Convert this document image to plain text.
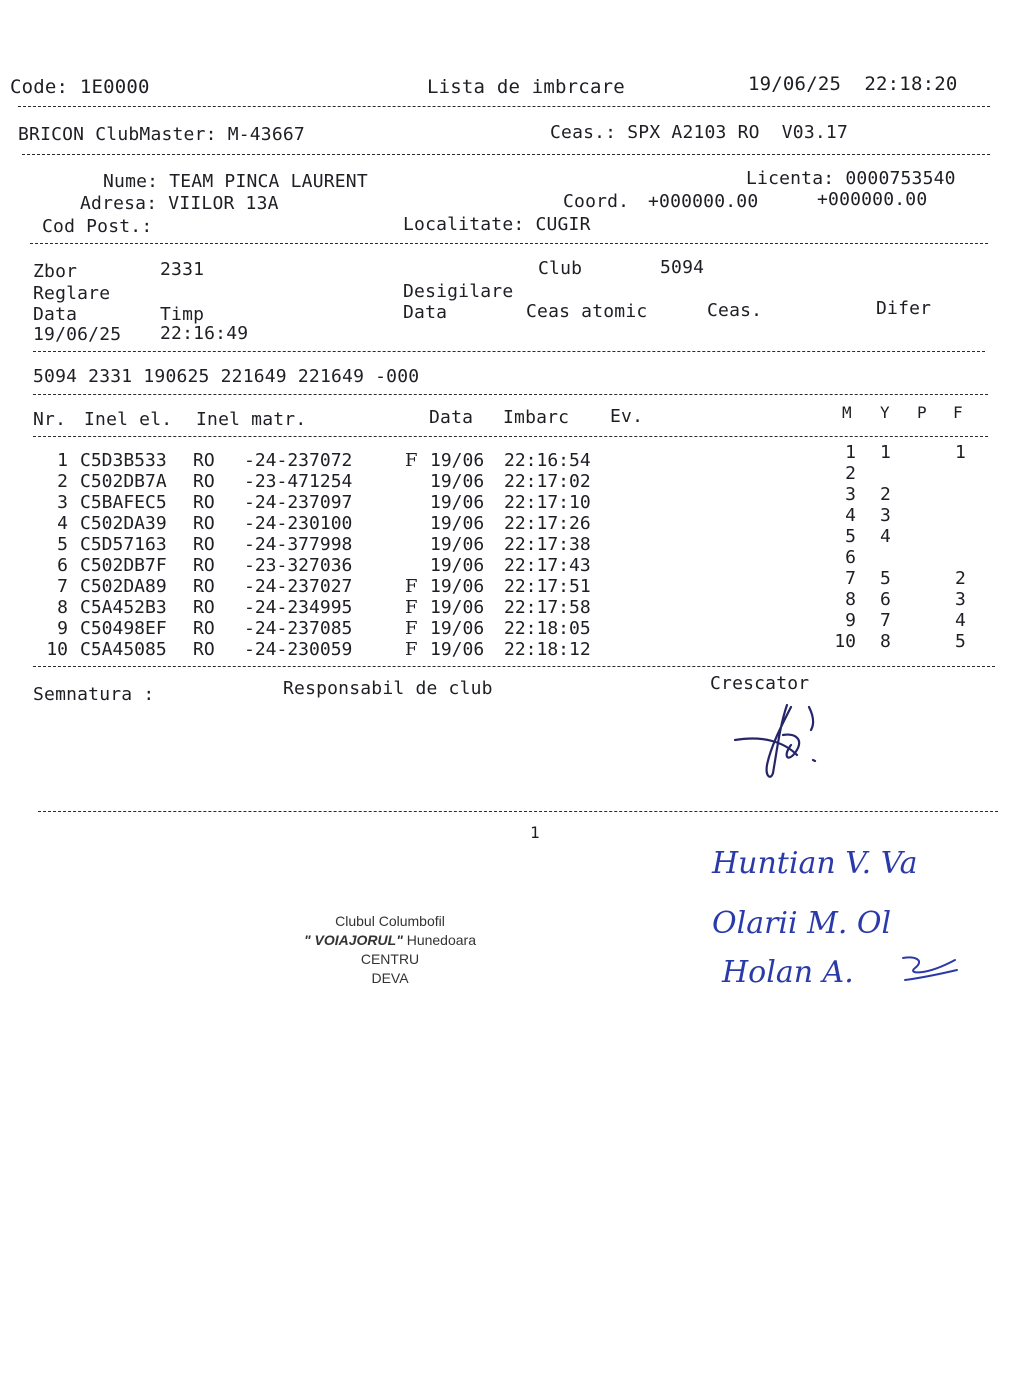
Code: 1E0000	Lista de imbrcare	19/06/25  22:18:20
BRICON ClubMaster: M-43667	Ceas.: SPX A2103 RO  V03.17
Nume: TEAM PINCA LAURENT	Licenta: 0000753540
Adresa: VIILOR 13A	Coord. +000000.00	+000000.00
Cod Post.:	Localitate: CUGIR
Zbor	2331	Club	5094
Reglare	Desigilare
Data	Timp	Data	Ceas atomic	Ceas.	Difer
19/06/25 22:16:49
5094 2331 190625 221649 221649 -000
Nr. Inel el. Inel matr.	Data Imbarc Ev.	M Y P F
1 C5D3B533 RO -24-237072	F 19/06 22:16:54	1 1	1
2 C502DB7A RO -23-471254	19/06 22:17:02	2
3 C5BAFEC5 RO -24-237097	19/06 22:17:10	3 2
4 C502DA39 RO -24-230100	19/06 22:17:26	4 3
5 C5D57163 RO -24-377998	19/06 22:17:38	5 4
6 C502DB7F RO -23-327036	19/06 22:17:43	6
7 C502DA89 RO -24-237027	F 19/06 22:17:51	7 5	2
8 C5A452B3 RO -24-234995	F 19/06 22:17:58	8 6	3
9 C50498EF RO -24-237085	F 19/06 22:18:05	9 7	4
10 C5A45085 RO -24-230059	F 19/06 22:18:12	10 8	5
Semnatura :	Responsabil de club	Crescator
1
Clubul Columbofil
" VOIAJORUL" Hunedoara
CENTRU
DEVA
Huntian V. Va
Olarii M. Ol
Holan A.
